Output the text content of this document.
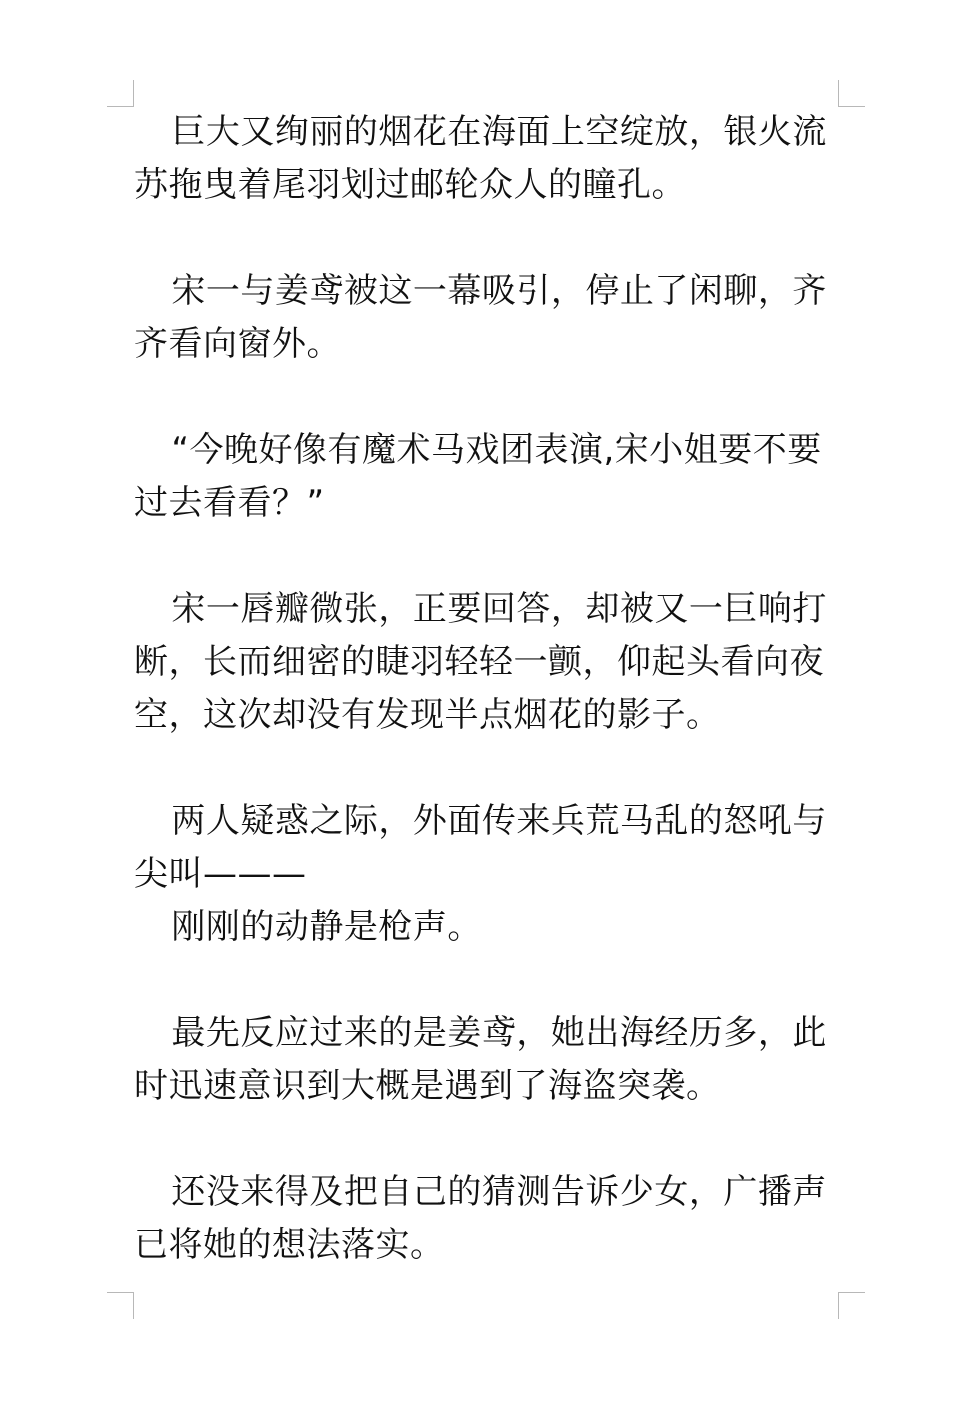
巨大又绚丽的烟花在海面上空绽放，银火流苏拖曳着尾羽划过邮轮众人的瞳孔。

宋一与姜鸢被这一幕吸引，停止了闲聊，齐齐看向窗外。

“今晚好像有魔术马戏团表演,宋小姐要不要过去看看？”

宋一唇瓣微张，正要回答，却被又一巨响打断，长而细密的睫羽轻轻一颤，仰起头看向夜空，这次却没有发现半点烟花的影子。

两人疑惑之际，外面传来兵荒马乱的怒吼与尖叫———

刚刚的动静是枪声。

最先反应过来的是姜鸢，她出海经历多，此时迅速意识到大概是遇到了海盗突袭。

还没来得及把自己的猜测告诉少女，广播声已将她的想法落实。
